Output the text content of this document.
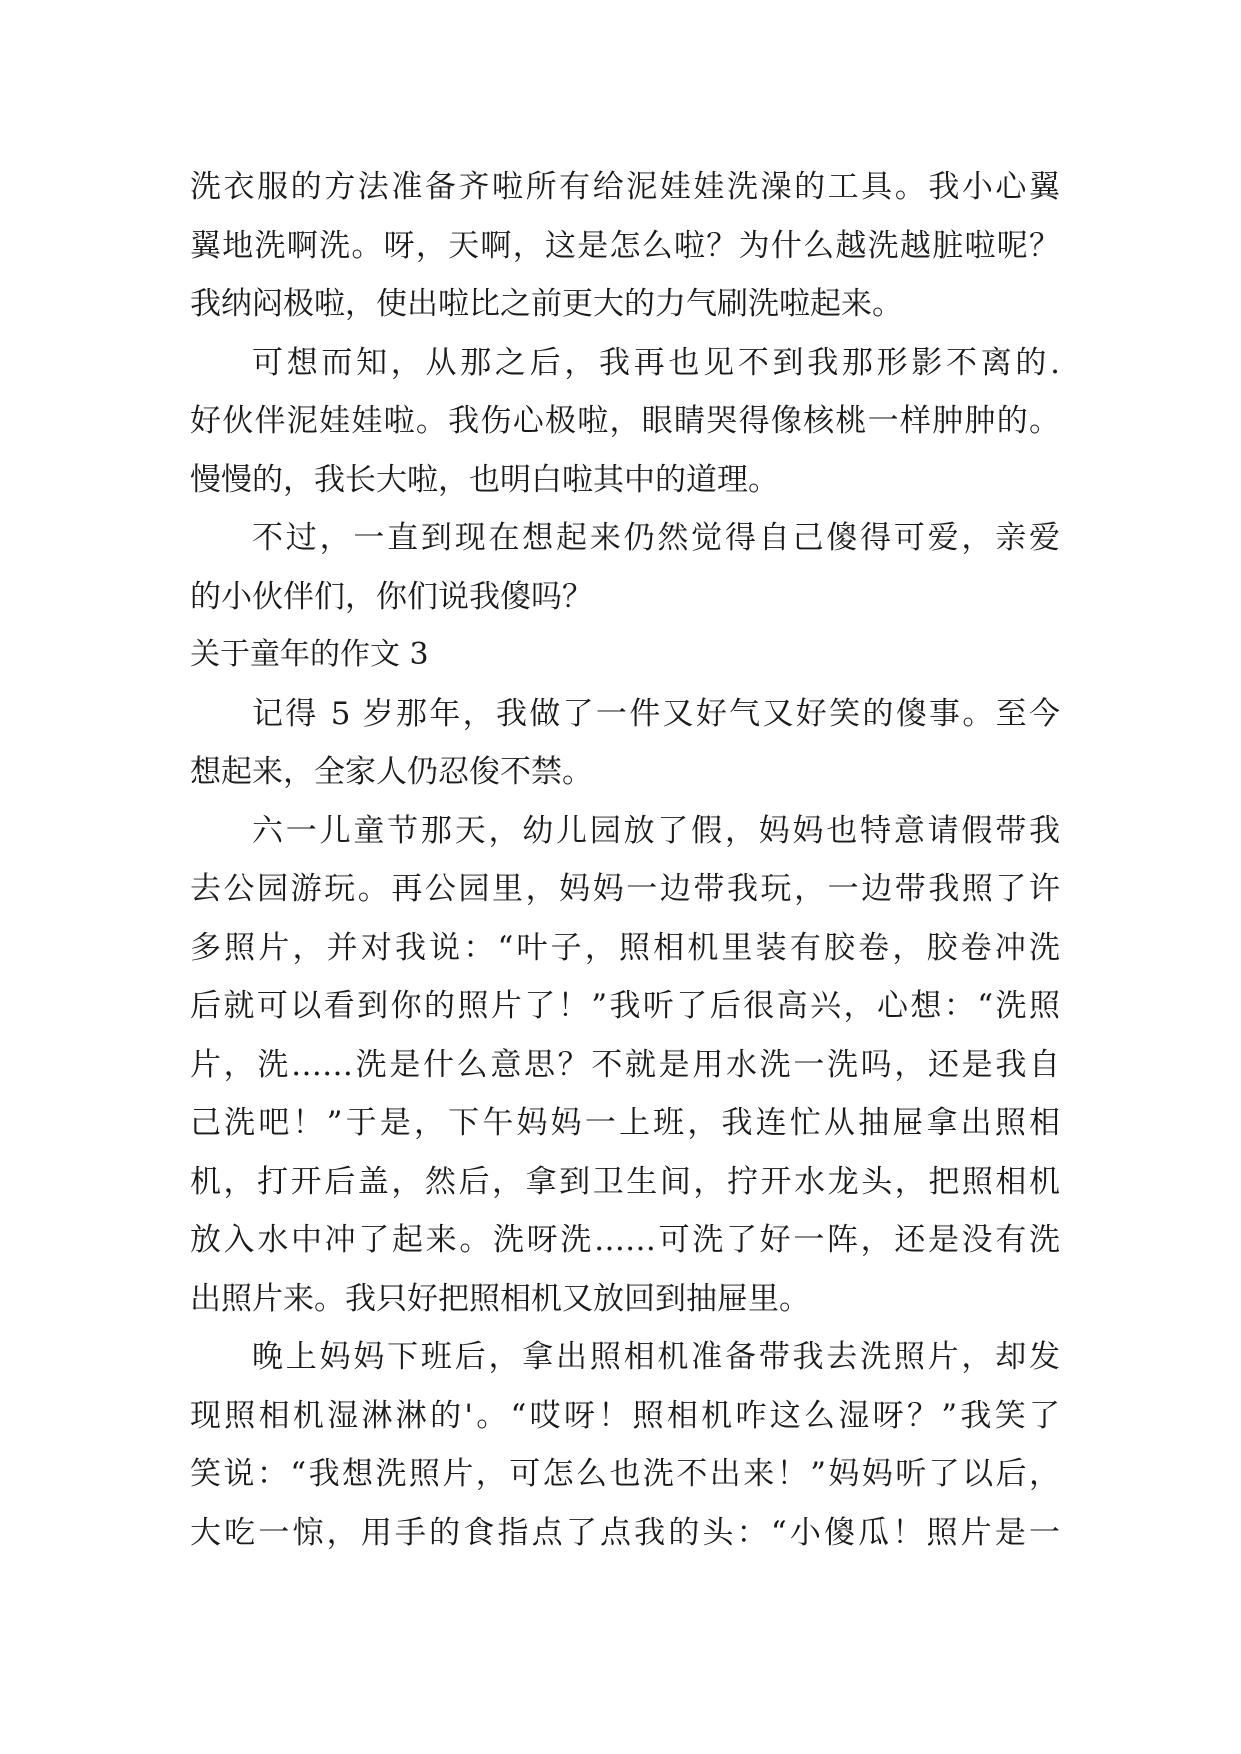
洗衣服的方法准备齐啦所有给泥娃娃洗澡的工具。我小心翼
翼地洗啊洗。呀，天啊，这是怎么啦？为什么越洗越脏啦呢？
我纳闷极啦，使出啦比之前更大的力气刷洗啦起来。
可想而知，从那之后，我再也见不到我那形影不离的.
好伙伴泥娃娃啦。我伤心极啦，眼睛哭得像核桃一样肿肿的。
慢慢的，我长大啦，也明白啦其中的道理。
不过，一直到现在想起来仍然觉得自己傻得可爱，亲爱
的小伙伴们，你们说我傻吗？
关于童年的作文 3
记得 5 岁那年，我做了一件又好气又好笑的傻事。至今
想起来，全家人仍忍俊不禁。
六一儿童节那天，幼儿园放了假，妈妈也特意请假带我
去公园游玩。再公园里，妈妈一边带我玩，一边带我照了许
多照片，并对我说：“叶子，照相机里装有胶卷，胶卷冲洗
后就可以看到你的照片了！”我听了后很高兴，心想：“洗照
片，洗……洗是什么意思？不就是用水洗一洗吗，还是我自
己洗吧！”于是，下午妈妈一上班，我连忙从抽屉拿出照相
机，打开后盖，然后，拿到卫生间，拧开水龙头，把照相机
放入水中冲了起来。洗呀洗……可洗了好一阵，还是没有洗
出照片来。我只好把照相机又放回到抽屉里。
晚上妈妈下班后，拿出照相机准备带我去洗照片，却发
现照相机湿淋淋的'。“哎呀！照相机咋这么湿呀？”我笑了
笑说：“我想洗照片，可怎么也洗不出来！”妈妈听了以后，
大吃一惊，用手的食指点了点我的头：“小傻瓜！照片是一
